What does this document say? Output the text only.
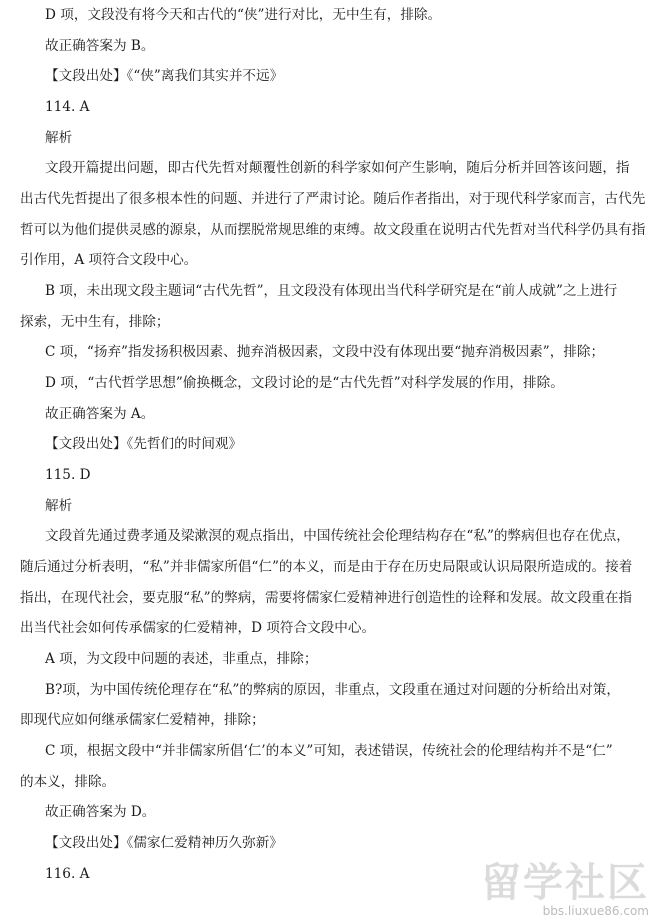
D 项，文段没有将今天和古代的“侠”进行对比，无中生有，排除。
故正确答案为 B。
【文段出处】《“侠”离我们其实并不远》
114. A
解析
文段开篇提出问题，即古代先哲对颠覆性创新的科学家如何产生影响，随后分析并回答该问题，指
出古代先哲提出了很多根本性的问题、并进行了严肃讨论。随后作者指出，对于现代科学家而言，古代先
哲可以为他们提供灵感的源泉，从而摆脱常规思维的束缚。故文段重在说明古代先哲对当代科学仍具有指
引作用，A 项符合文段中心。
B 项，未出现文段主题词“古代先哲”，且文段没有体现出当代科学研究是在“前人成就”之上进行
探索，无中生有，排除；
C 项，“扬弃”指发扬积极因素、抛弃消极因素，文段中没有体现出要“抛弃消极因素”，排除；
D 项，“古代哲学思想”偷换概念，文段讨论的是“古代先哲”对科学发展的作用，排除。
故正确答案为 A。
【文段出处】《先哲们的时间观》
115. D
解析
文段首先通过费孝通及梁漱溟的观点指出，中国传统社会伦理结构存在“私”的弊病但也存在优点，
随后通过分析表明，“私”并非儒家所倡“仁”的本义，而是由于存在历史局限或认识局限所造成的。接着
指出，在现代社会，要克服“私”的弊病，需要将儒家仁爱精神进行创造性的诠释和发展。故文段重在指
出当代社会如何传承儒家的仁爱精神，D 项符合文段中心。
A 项，为文段中问题的表述，非重点，排除；
B?项，为中国传统伦理存在“私”的弊病的原因，非重点，文段重在通过对问题的分析给出对策，
即现代应如何继承儒家仁爱精神，排除；
C 项，根据文段中“并非儒家所倡‘仁’的本义”可知，表述错误，传统社会的伦理结构并不是“仁”
的本义，排除。
故正确答案为 D。
【文段出处】《儒家仁爱精神历久弥新》
116. A	留学社区
bbs.liuxue86.com
